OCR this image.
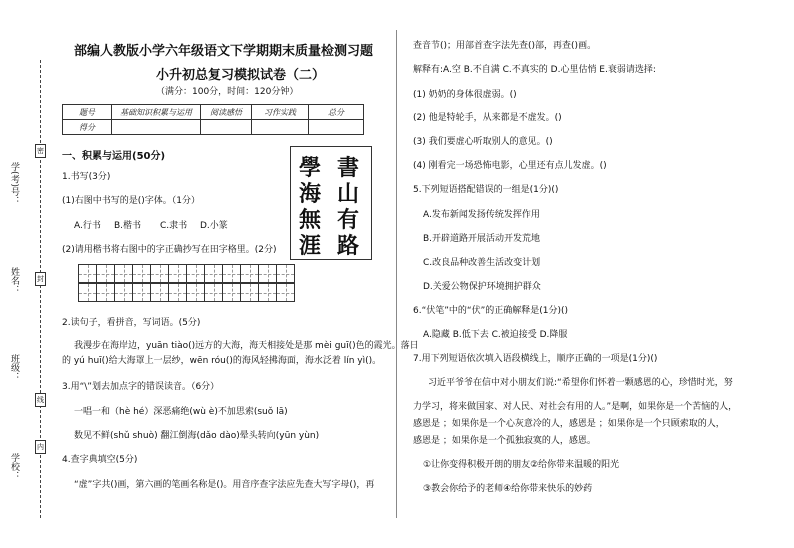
学(考)号：
姓名：
班级：
学校：
密
封
线
内
部编人教版小学六年级语文下学期期末质量检测习题
小升初总复习模拟试卷（二）
（满分：100分，时间：120分钟）
题号	基础知识积累与运用	阅读感悟	习作实践	总分
得分				
一、积累与运用(50分)
1.书写(3分)
(1)右图中书写的是()字体。（1分）
A.行书 B.楷书 C.隶书 D.小篆
(2)请用楷书将右图中的字正确抄写在田字格里。(2分)
2.读句子，看拼音，写词语。(5分)
我漫步在海岸边，yuān tiào()远方的大海，海天相接处是那 mèi guī()色的霞光。落日
的 yú huī()给大海罩上一层纱，wēn róu()的海风轻拂海面，海水泛着 lín yì()。
3.用“\”划去加点字的错误读音。（6分）
一唱一和（hè hé）深恶痛绝(wù è)不加思索(suǒ lā)
数见不鲜(shǔ shuò) 翻江倒海(dǎo dào)晕头转向(yūn yùn)
4.查字典填空(5分)
“虚”字共()画，第六画的笔画名称是()。用音序查字法应先查大写字母()，再
書
學
山
海
有
無
路
涯
查音节()；用部首查字法先查()部，再查()画。
解释有:A.空 B.不自满 C.不真实的 D.心里估悄 E.衰弱请选择:
(1) 奶奶的身体很虚弱。()
(2) 他是特轮手，从来都是不虚发。()
(3) 我们要虚心听取别人的意见。()
(4) 刚看完一场恐怖电影，心里还有点儿发虚。()
5.下列短语搭配错误的一组是(1分)()
A.发布新闻发扬传统发挥作用
B.开辟道路开展活动开发荒地
C.改良品种改善生活改变计划
D.关爱公物保护环境拥护群众
6.“伏笔”中的“伏”的正确解释是(1分)()
A.隐藏 B.低下去 C.被迫接受 D.降服
7.用下列短语依次填入语段横线上，顺序正确的一项是(1分)()
习近平爷爷在信中对小朋友们说:“希望你们怀着一颗感恩的心，珍惜时光，努
力学习，将来做国家、对人民、对社会有用的人。”是啊，如果你是一个苦恼的人，
感恩是 ；如果你是一个心灰意冷的人，感恩是 ；如果你是一个只顾索取的人，
感恩是 ；如果你是一个孤独寂寞的人，感恩。
①让你变得积极开朗的朋友②给你带来温暖的阳光
③教会你给予的老师④给你带来快乐的妙药
